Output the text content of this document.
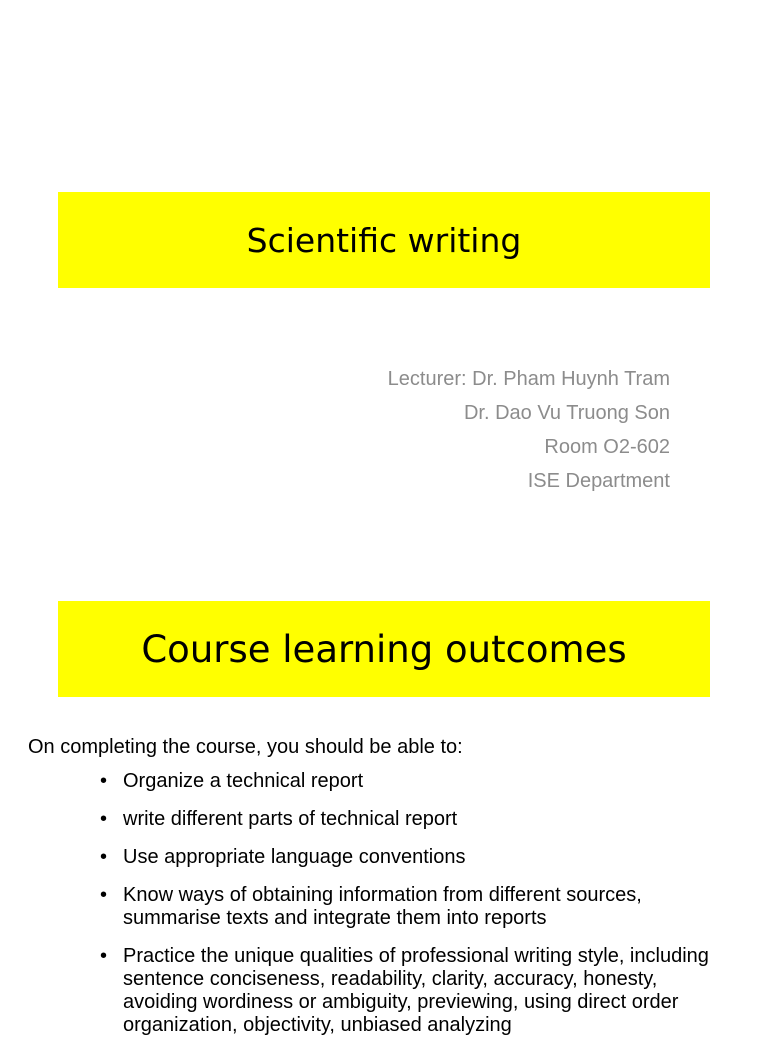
Scientific writing
Lecturer: Dr. Pham Huynh Tram
Dr. Dao Vu Truong Son
Room O2-602
ISE Department
Course learning outcomes
On completing the course, you should be able to:
• Organize a technical report
• write different parts of technical report
• Use appropriate language conventions
• Know ways of obtaining information from different sources, summarise texts and integrate them into reports
• Practice the unique qualities of professional writing style, including sentence conciseness, readability, clarity, accuracy, honesty, avoiding wordiness or ambiguity, previewing, using direct order organization, objectivity, unbiased analyzing
